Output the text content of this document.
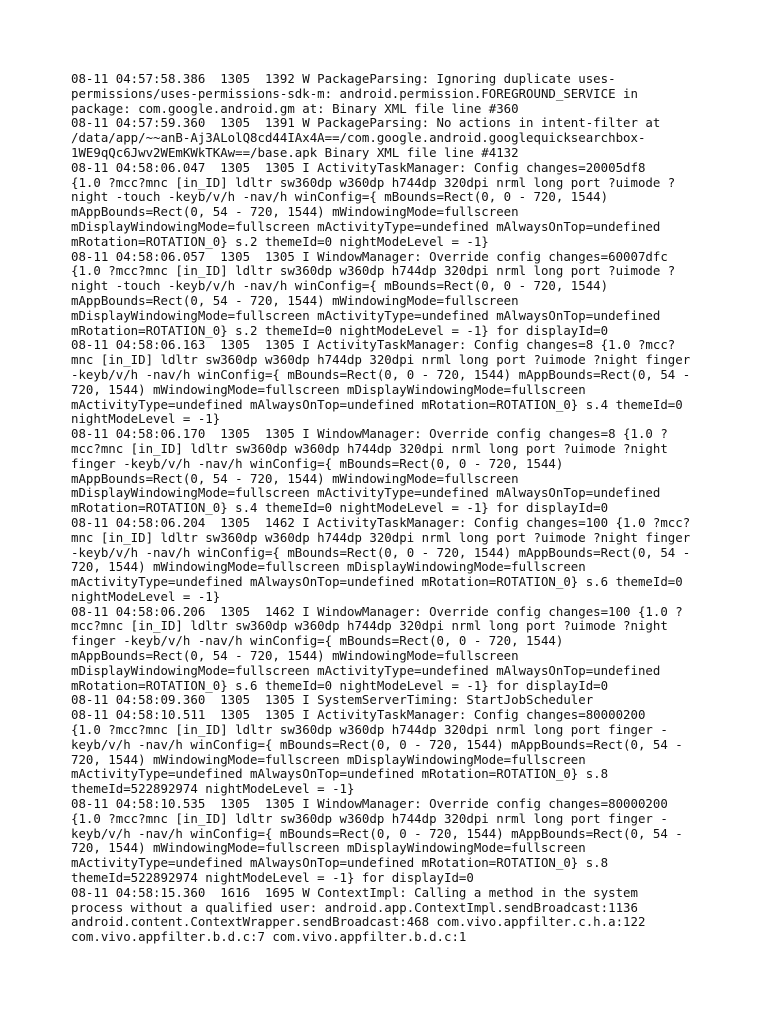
08-11 04:57:58.386  1305  1392 W PackageParsing: Ignoring duplicate uses-
permissions/uses-permissions-sdk-m: android.permission.FOREGROUND_SERVICE in
package: com.google.android.gm at: Binary XML file line #360
08-11 04:57:59.360  1305  1391 W PackageParsing: No actions in intent-filter at
/data/app/~~anB-Aj3ALolQ8cd44IAx4A==/com.google.android.googlequicksearchbox-
1WE9qQc6Jwv2WEmKWkTKAw==/base.apk Binary XML file line #4132
08-11 04:58:06.047  1305  1305 I ActivityTaskManager: Config changes=20005df8
{1.0 ?mcc?mnc [in_ID] ldltr sw360dp w360dp h744dp 320dpi nrml long port ?uimode ?
night -touch -keyb/v/h -nav/h winConfig={ mBounds=Rect(0, 0 - 720, 1544)
mAppBounds=Rect(0, 54 - 720, 1544) mWindowingMode=fullscreen
mDisplayWindowingMode=fullscreen mActivityType=undefined mAlwaysOnTop=undefined
mRotation=ROTATION_0} s.2 themeId=0 nightModeLevel = -1}
08-11 04:58:06.057  1305  1305 I WindowManager: Override config changes=60007dfc
{1.0 ?mcc?mnc [in_ID] ldltr sw360dp w360dp h744dp 320dpi nrml long port ?uimode ?
night -touch -keyb/v/h -nav/h winConfig={ mBounds=Rect(0, 0 - 720, 1544)
mAppBounds=Rect(0, 54 - 720, 1544) mWindowingMode=fullscreen
mDisplayWindowingMode=fullscreen mActivityType=undefined mAlwaysOnTop=undefined
mRotation=ROTATION_0} s.2 themeId=0 nightModeLevel = -1} for displayId=0
08-11 04:58:06.163  1305  1305 I ActivityTaskManager: Config changes=8 {1.0 ?mcc?
mnc [in_ID] ldltr sw360dp w360dp h744dp 320dpi nrml long port ?uimode ?night finger
-keyb/v/h -nav/h winConfig={ mBounds=Rect(0, 0 - 720, 1544) mAppBounds=Rect(0, 54 -
720, 1544) mWindowingMode=fullscreen mDisplayWindowingMode=fullscreen
mActivityType=undefined mAlwaysOnTop=undefined mRotation=ROTATION_0} s.4 themeId=0
nightModeLevel = -1}
08-11 04:58:06.170  1305  1305 I WindowManager: Override config changes=8 {1.0 ?
mcc?mnc [in_ID] ldltr sw360dp w360dp h744dp 320dpi nrml long port ?uimode ?night
finger -keyb/v/h -nav/h winConfig={ mBounds=Rect(0, 0 - 720, 1544)
mAppBounds=Rect(0, 54 - 720, 1544) mWindowingMode=fullscreen
mDisplayWindowingMode=fullscreen mActivityType=undefined mAlwaysOnTop=undefined
mRotation=ROTATION_0} s.4 themeId=0 nightModeLevel = -1} for displayId=0
08-11 04:58:06.204  1305  1462 I ActivityTaskManager: Config changes=100 {1.0 ?mcc?
mnc [in_ID] ldltr sw360dp w360dp h744dp 320dpi nrml long port ?uimode ?night finger
-keyb/v/h -nav/h winConfig={ mBounds=Rect(0, 0 - 720, 1544) mAppBounds=Rect(0, 54 -
720, 1544) mWindowingMode=fullscreen mDisplayWindowingMode=fullscreen
mActivityType=undefined mAlwaysOnTop=undefined mRotation=ROTATION_0} s.6 themeId=0
nightModeLevel = -1}
08-11 04:58:06.206  1305  1462 I WindowManager: Override config changes=100 {1.0 ?
mcc?mnc [in_ID] ldltr sw360dp w360dp h744dp 320dpi nrml long port ?uimode ?night
finger -keyb/v/h -nav/h winConfig={ mBounds=Rect(0, 0 - 720, 1544)
mAppBounds=Rect(0, 54 - 720, 1544) mWindowingMode=fullscreen
mDisplayWindowingMode=fullscreen mActivityType=undefined mAlwaysOnTop=undefined
mRotation=ROTATION_0} s.6 themeId=0 nightModeLevel = -1} for displayId=0
08-11 04:58:09.360  1305  1305 I SystemServerTiming: StartJobScheduler
08-11 04:58:10.511  1305  1305 I ActivityTaskManager: Config changes=80000200
{1.0 ?mcc?mnc [in_ID] ldltr sw360dp w360dp h744dp 320dpi nrml long port finger -
keyb/v/h -nav/h winConfig={ mBounds=Rect(0, 0 - 720, 1544) mAppBounds=Rect(0, 54 -
720, 1544) mWindowingMode=fullscreen mDisplayWindowingMode=fullscreen
mActivityType=undefined mAlwaysOnTop=undefined mRotation=ROTATION_0} s.8
themeId=522892974 nightModeLevel = -1}
08-11 04:58:10.535  1305  1305 I WindowManager: Override config changes=80000200
{1.0 ?mcc?mnc [in_ID] ldltr sw360dp w360dp h744dp 320dpi nrml long port finger -
keyb/v/h -nav/h winConfig={ mBounds=Rect(0, 0 - 720, 1544) mAppBounds=Rect(0, 54 -
720, 1544) mWindowingMode=fullscreen mDisplayWindowingMode=fullscreen
mActivityType=undefined mAlwaysOnTop=undefined mRotation=ROTATION_0} s.8
themeId=522892974 nightModeLevel = -1} for displayId=0
08-11 04:58:15.360  1616  1695 W ContextImpl: Calling a method in the system
process without a qualified user: android.app.ContextImpl.sendBroadcast:1136
android.content.ContextWrapper.sendBroadcast:468 com.vivo.appfilter.c.h.a:122
com.vivo.appfilter.b.d.c:7 com.vivo.appfilter.b.d.c:1
